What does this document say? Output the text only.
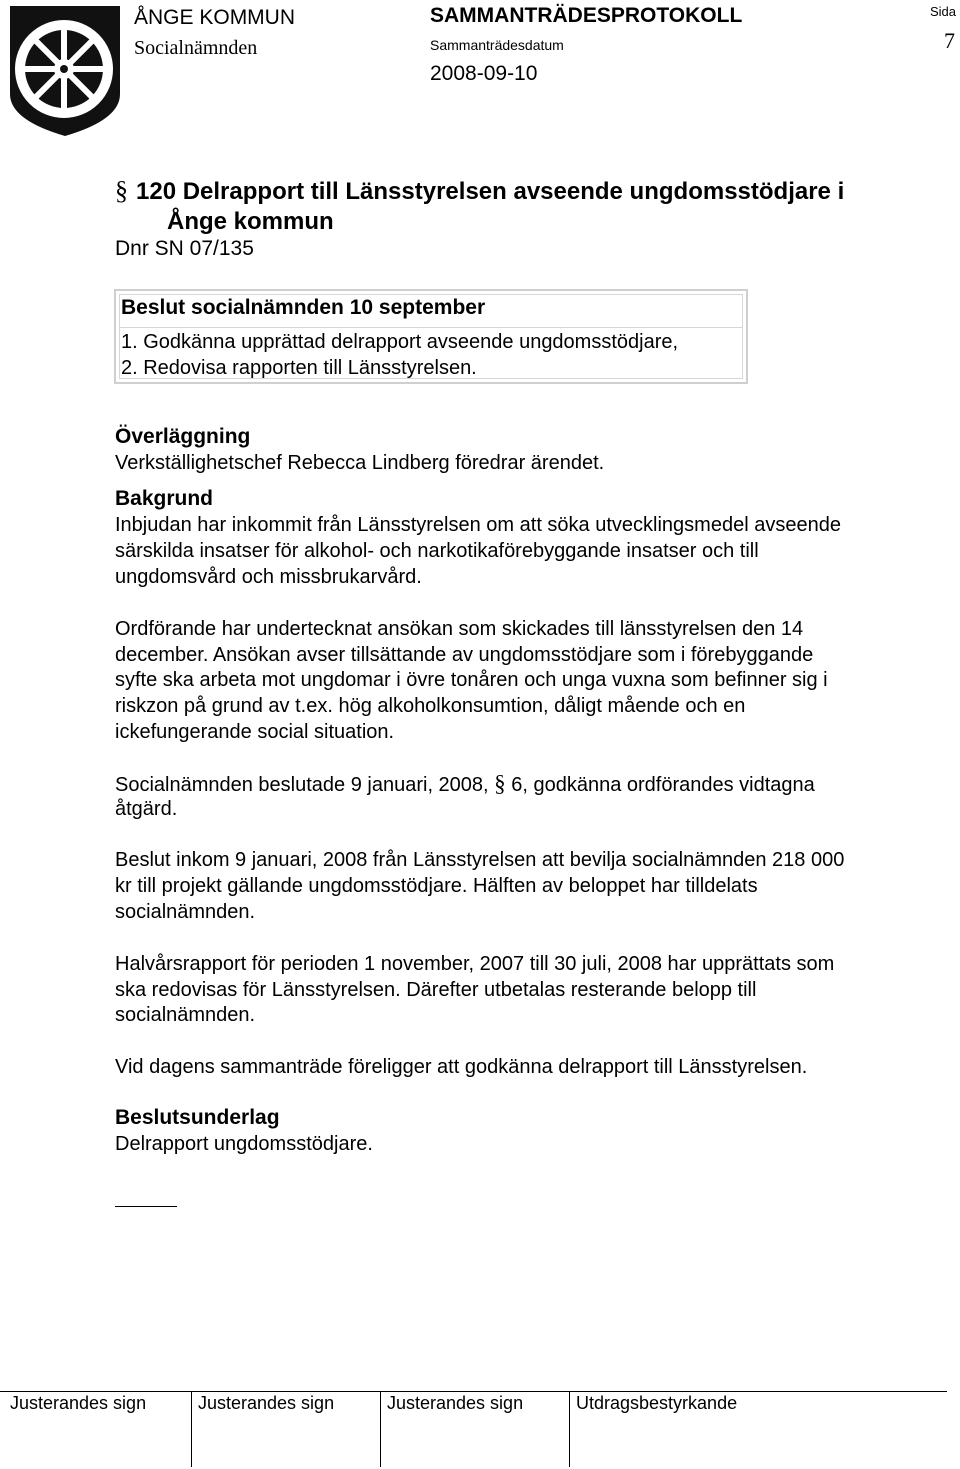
ÅNGE KOMMUN
Socialnämnden
SAMMANTRÄDESPROTOKOLL
Sammanträdesdatum
2008-09-10
Sida
7
§ 120 Delrapport till Länsstyrelsen avseende ungdomsstödjare i
Ånge kommun
Dnr SN 07/135
Beslut socialnämnden 10 september
1. Godkänna upprättad delrapport avseende ungdomsstödjare,
2. Redovisa rapporten till Länsstyrelsen.
Överläggning
Verkställighetschef Rebecca Lindberg föredrar ärendet.
Bakgrund
Inbjudan har inkommit från Länsstyrelsen om att söka utvecklingsmedel avseende
särskilda insatser för alkohol- och narkotikaförebyggande insatser och till
ungdomsvård och missbrukarvård.
Ordförande har undertecknat ansökan som skickades till länsstyrelsen den 14
december. Ansökan avser tillsättande av ungdomsstödjare som i förebyggande
syfte ska arbeta mot ungdomar i övre tonåren och unga vuxna som befinner sig i
riskzon på grund av t.ex. hög alkoholkonsumtion, dåligt mående och en
ickefungerande social situation.
Socialnämnden beslutade 9 januari, 2008, § 6, godkänna ordförandes vidtagna
åtgärd.
Beslut inkom 9 januari, 2008 från Länsstyrelsen att bevilja socialnämnden 218 000
kr till projekt gällande ungdomsstödjare. Hälften av beloppet har tilldelats
socialnämnden.
Halvårsrapport för perioden 1 november, 2007 till 30 juli, 2008 har upprättats som
ska redovisas för Länsstyrelsen. Därefter utbetalas resterande belopp till
socialnämnden.
Vid dagens sammanträde föreligger att godkänna delrapport till Länsstyrelsen.
Beslutsunderlag
Delrapport ungdomsstödjare.
Justerandes sign	Justerandes sign	Justerandes sign	Utdragsbestyrkande
